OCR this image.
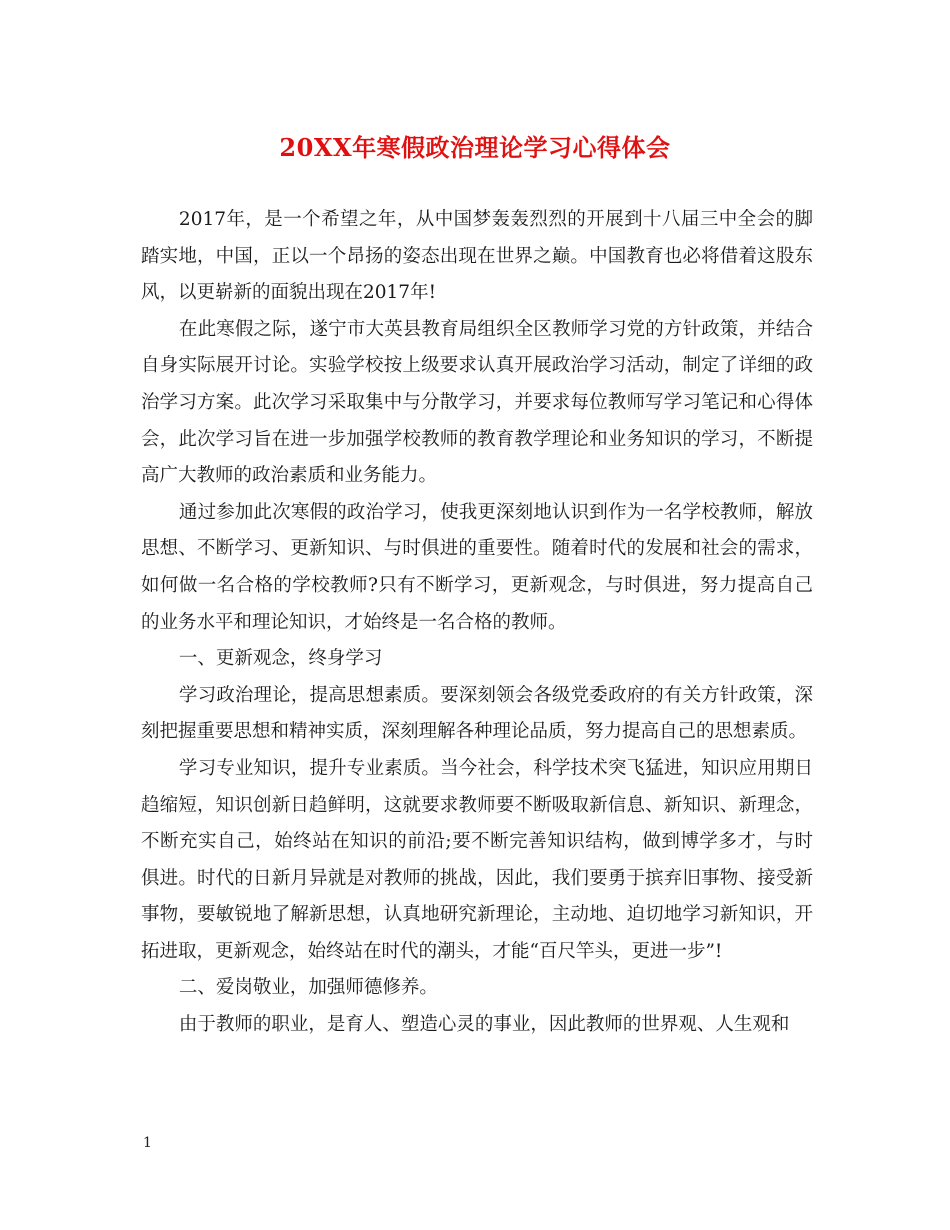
20XX年寒假政治理论学习心得体会

2017年，是一个希望之年，从中国梦轰轰烈烈的开展到十八届三中全会的脚踏实地，中国，正以一个昂扬的姿态出现在世界之巅。中国教育也必将借着这股东风，以更崭新的面貌出现在2017年!

在此寒假之际，遂宁市大英县教育局组织全区教师学习党的方针政策，并结合自身实际展开讨论。实验学校按上级要求认真开展政治学习活动，制定了详细的政治学习方案。此次学习采取集中与分散学习，并要求每位教师写学习笔记和心得体会，此次学习旨在进一步加强学校教师的教育教学理论和业务知识的学习，不断提高广大教师的政治素质和业务能力。

通过参加此次寒假的政治学习，使我更深刻地认识到作为一名学校教师，解放思想、不断学习、更新知识、与时俱进的重要性。随着时代的发展和社会的需求，如何做一名合格的学校教师?只有不断学习，更新观念，与时俱进，努力提高自己的业务水平和理论知识，才始终是一名合格的教师。

一、更新观念，终身学习

学习政治理论，提高思想素质。要深刻领会各级党委政府的有关方针政策，深刻把握重要思想和精神实质，深刻理解各种理论品质，努力提高自己的思想素质。

学习专业知识，提升专业素质。当今社会，科学技术突飞猛进，知识应用期日趋缩短，知识创新日趋鲜明，这就要求教师要不断吸取新信息、新知识、新理念，不断充实自己，始终站在知识的前沿;要不断完善知识结构，做到博学多才，与时俱进。时代的日新月异就是对教师的挑战，因此，我们要勇于摈弃旧事物、接受新事物，要敏锐地了解新思想，认真地研究新理论，主动地、迫切地学习新知识，开拓进取，更新观念，始终站在时代的潮头，才能“百尺竿头，更进一步”!

二、爱岗敬业，加强师德修养。

由于教师的职业，是育人、塑造心灵的事业，因此教师的世界观、人生观和

1
